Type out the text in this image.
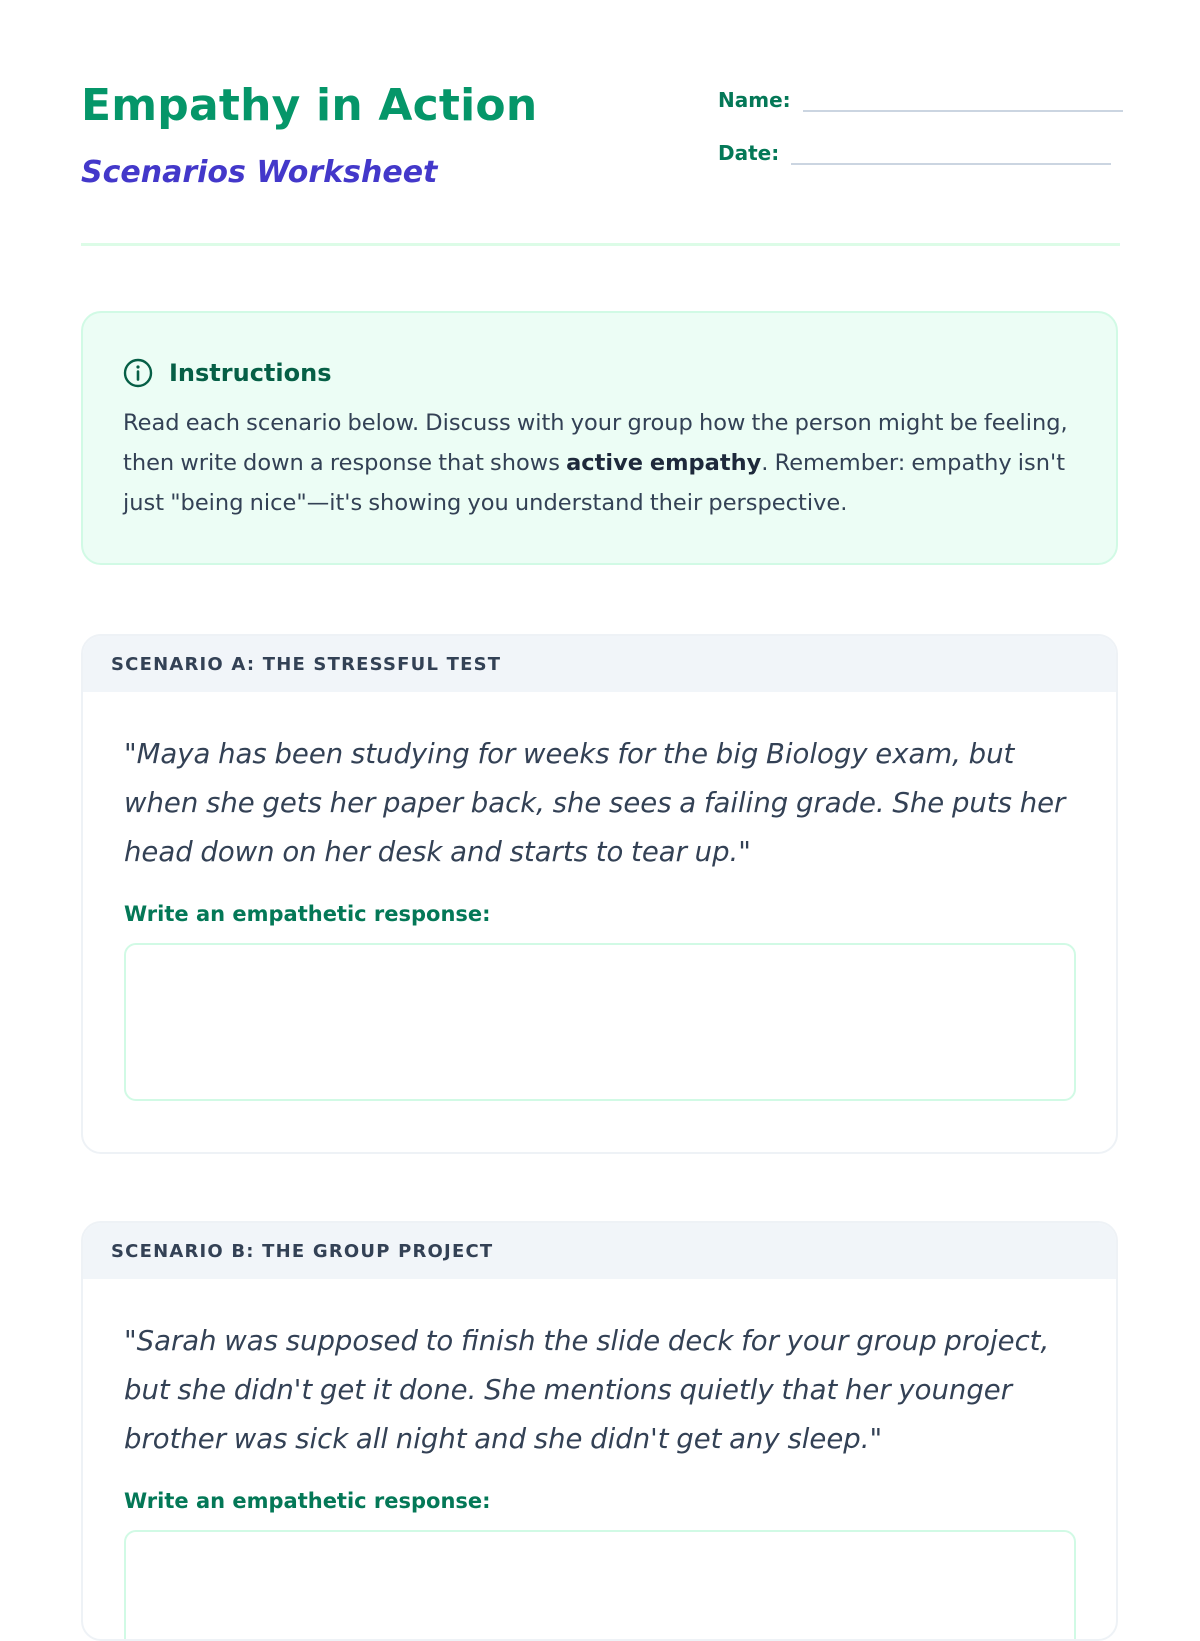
Empathy in Action
Scenarios Worksheet
Name:
Date:
Instructions

Read each scenario below. Discuss with your group how the person might be feeling, then write down a response that shows active empathy. Remember: empathy isn't just "being nice"—it's showing you understand their perspective.

SCENARIO A: THE STRESSFUL TEST

"Maya has been studying for weeks for the big Biology exam, but when she gets her paper back, she sees a failing grade. She puts her head down on her desk and starts to tear up."

Write an empathetic response:
SCENARIO B: THE GROUP PROJECT

"Sarah was supposed to finish the slide deck for your group project, but she didn't get it done. She mentions quietly that her younger brother was sick all night and she didn't get any sleep."

Write an empathetic response:
